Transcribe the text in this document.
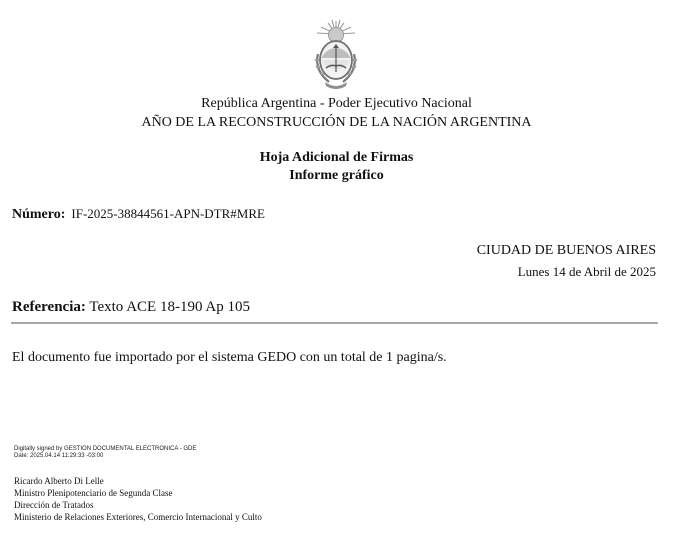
República Argentina - Poder Ejecutivo Nacional
AÑO DE LA RECONSTRUCCIÓN DE LA NACIÓN ARGENTINA
Hoja Adicional de Firmas
Informe gráfico
Número: IF-2025-38844561-APN-DTR#MRE
CIUDAD DE BUENOS AIRES
Lunes 14 de Abril de 2025
Referencia: Texto ACE 18-190 Ap 105
El documento fue importado por el sistema GEDO con un total de 1 pagina/s.
Digitally signed by GESTION DOCUMENTAL ELECTRONICA - GDE
Date: 2025.04.14 11:29:33 -03:00
Ricardo Alberto Di Lelle
Ministro Plenipotenciario de Segunda Clase
Dirección de Tratados
Ministerio de Relaciones Exteriores, Comercio Internacional y Culto
